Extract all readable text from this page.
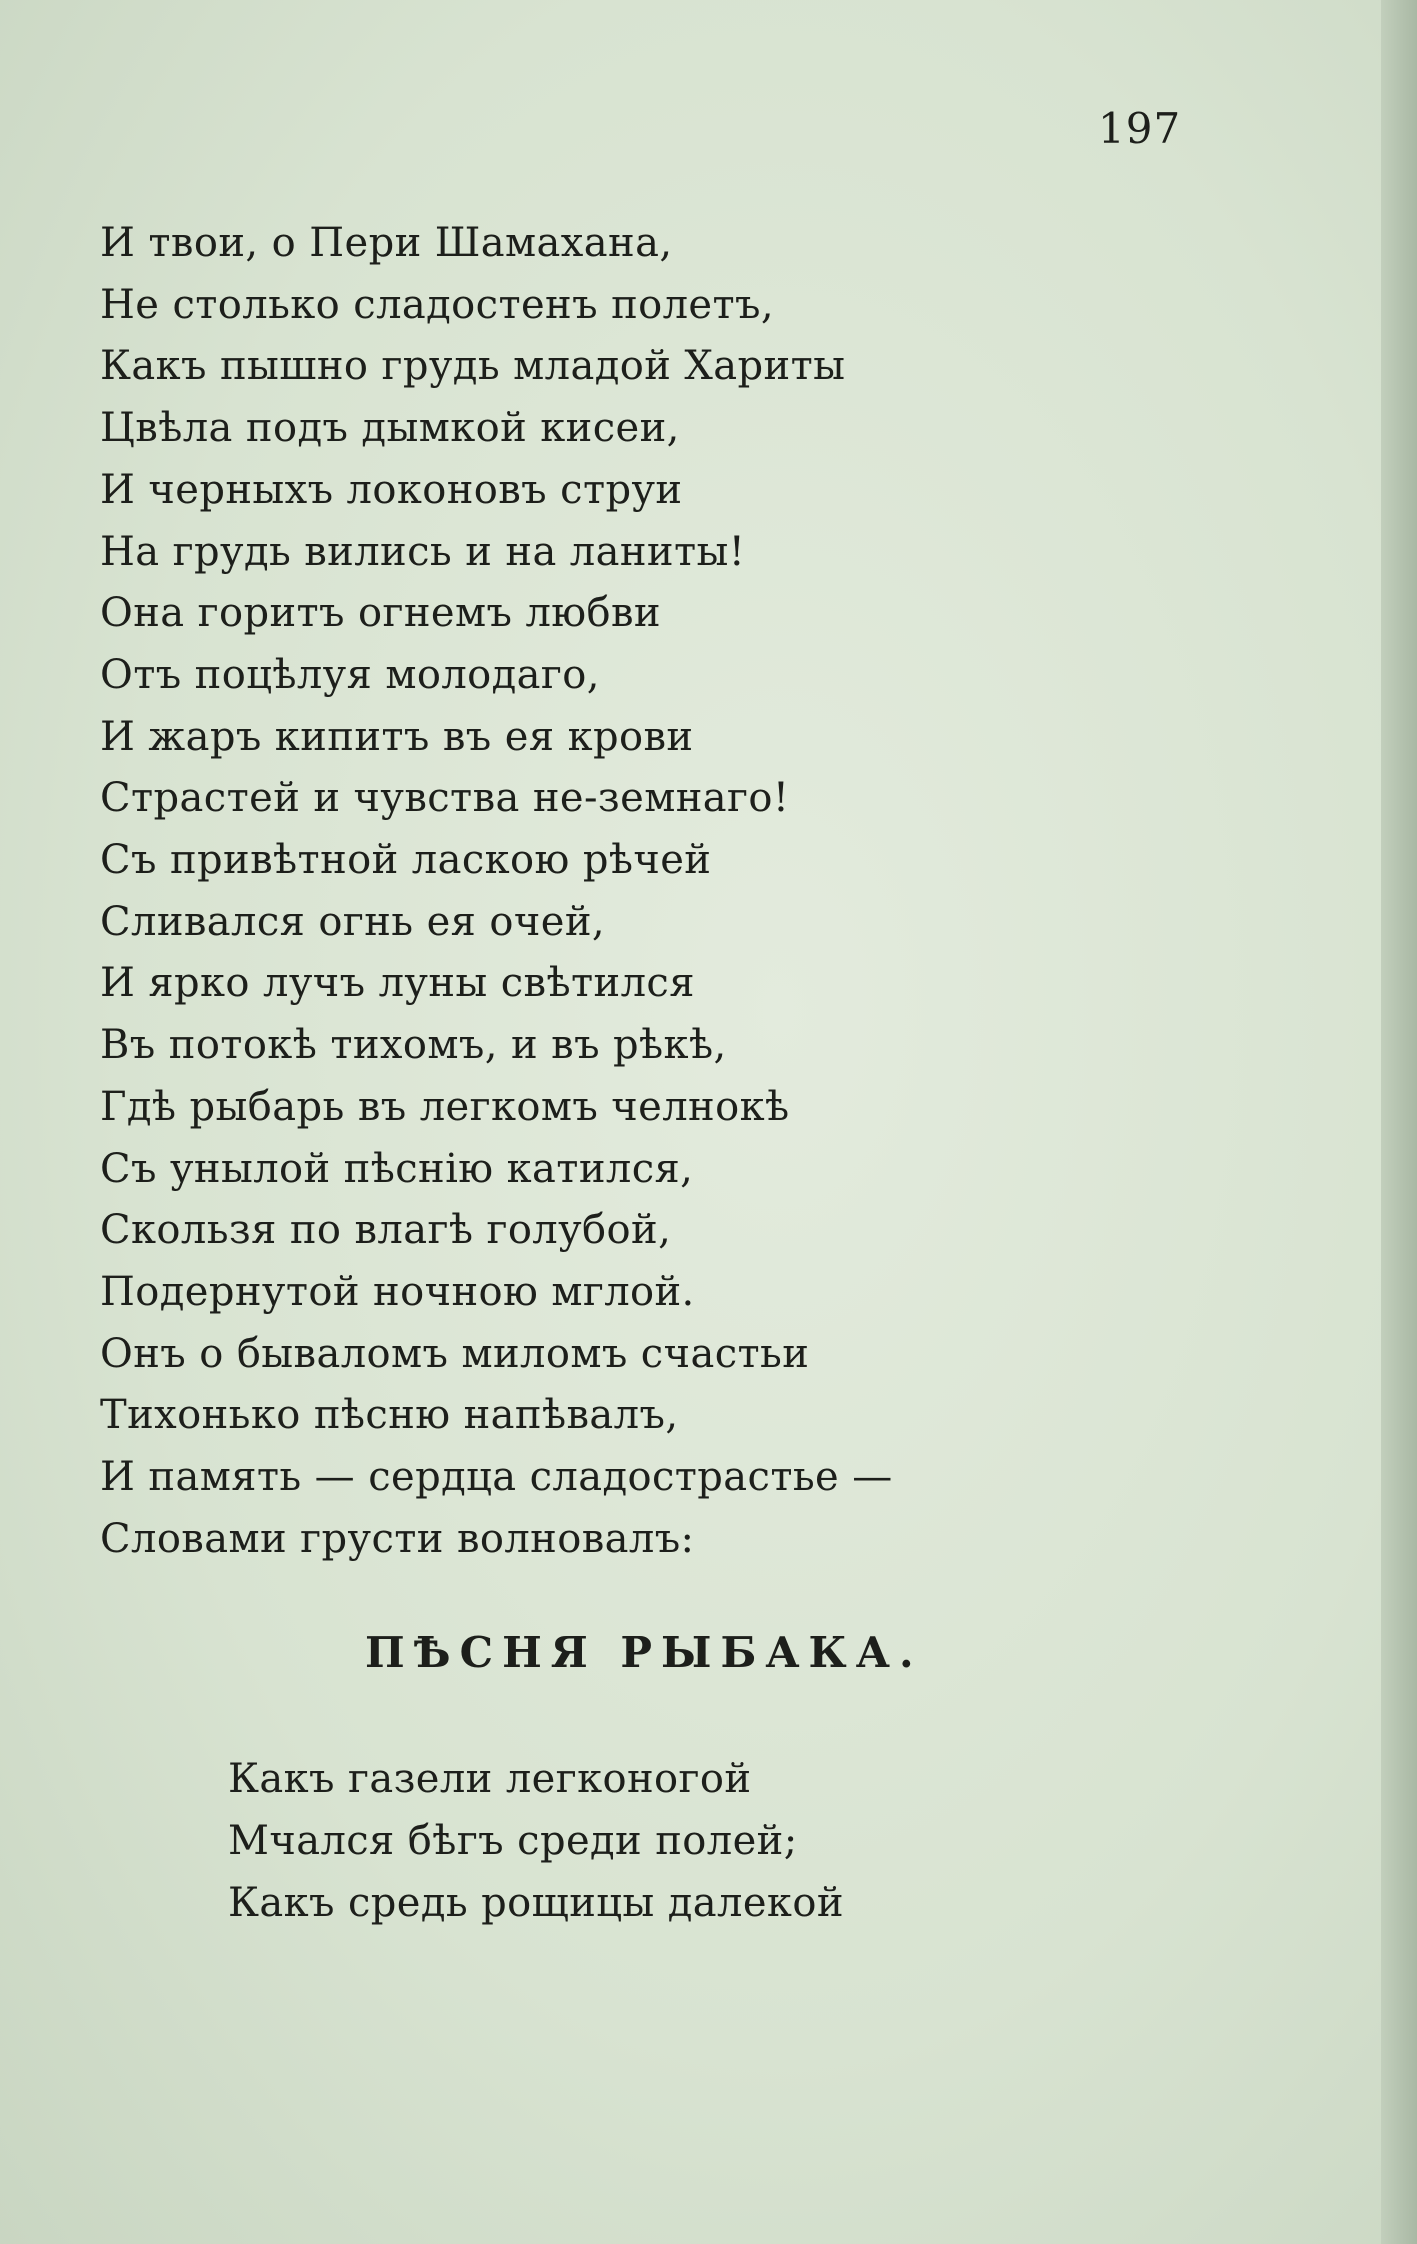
197
И твои, о Пери Шамахана,
Не столько сладостенъ полетъ,
Какъ пышно грудь младой Хариты
Цвѣла подъ дымкой кисеи,
И черныхъ локоновъ струи
На грудь вились и на ланиты!
Она горитъ огнемъ любви
Отъ поцѣлуя молодаго,
И жаръ кипитъ въ ея крови
Страстей и чувства не-земнаго!
Съ привѣтной ласкою рѣчей
Сливался огнь ея очей,
И ярко лучъ луны свѣтился
Въ потокѣ тихомъ, и въ рѣкѣ,
Гдѣ рыбарь въ легкомъ челнокѣ
Съ унылой пѣснію катился,
Скользя по влагѣ голубой,
Подернутой ночною мглой.
Онъ о бываломъ миломъ счастьи
Тихонько пѣсню напѣвалъ,
И память — сердца сладострастье —
Словами грусти волновалъ:
ПѢСНЯ РЫБАКА.
Какъ газели легконогой
Мчался бѣгъ среди полей;
Какъ средь рощицы далекой
